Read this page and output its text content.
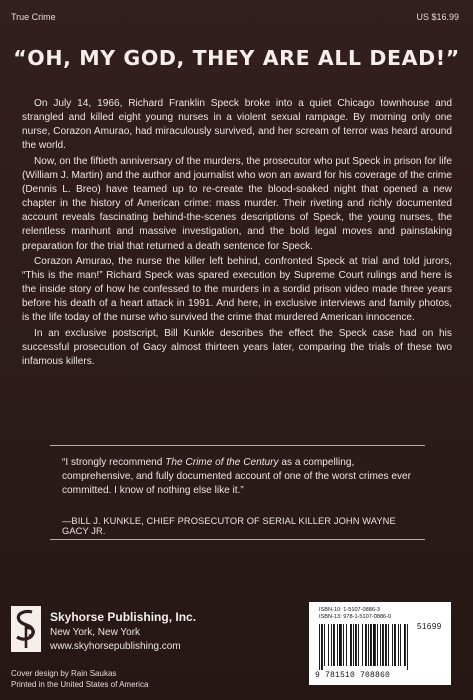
True Crime	US $16.99
“OH, MY GOD, THEY ARE ALL DEAD!”

On July 14, 1966, Richard Franklin Speck broke into a quiet Chicago townhouse and strangled and killed eight young nurses in a violent sexual rampage. By morning only one nurse, Corazon Amurao, had miraculously survived, and her scream of terror was heard around the world.

Now, on the fiftieth anniversary of the murders, the prosecutor who put Speck in prison for life (William J. Martin) and the author and journalist who won an award for his coverage of the crime (Dennis L. Breo) have teamed up to re-create the blood-soaked night that opened a new chapter in the history of American crime: mass murder. Their riveting and richly documented account reveals fascinating behind-the-scenes descriptions of Speck, the young nurses, the relentless manhunt and massive investigation, and the bold legal moves and painstaking preparation for the trial that returned a death sentence for Speck.

Corazon Amurao, the nurse the killer left behind, confronted Speck at trial and told jurors, “This is the man!” Richard Speck was spared execution by Supreme Court rulings and here is the inside story of how he confessed to the murders in a sordid prison video made three years before his death of a heart attack in 1991. And here, in exclusive interviews and family photos, is the life today of the nurse who survived the crime that murdered American innocence.

In an exclusive postscript, Bill Kunkle describes the effect the Speck case had on his successful prosecution of Gacy almost thirteen years later, comparing the trials of these two infamous killers.

“I strongly recommend The Crime of the Century as a compelling, comprehensive, and fully documented account of one of the worst crimes ever committed. I know of nothing else like it.”
—BILL J. KUNKLE, CHIEF PROSECUTOR OF SERIAL KILLER JOHN WAYNE GACY JR.
Skyhorse Publishing, Inc.
New York, New York
www.skyhorsepublishing.com
Cover design by Rain Saukas
Printed in the United States of America
ISBN-10: 1-5107-0886-3
ISBN-13: 978-1-5107-0886-0
51699
9 781510 708860
